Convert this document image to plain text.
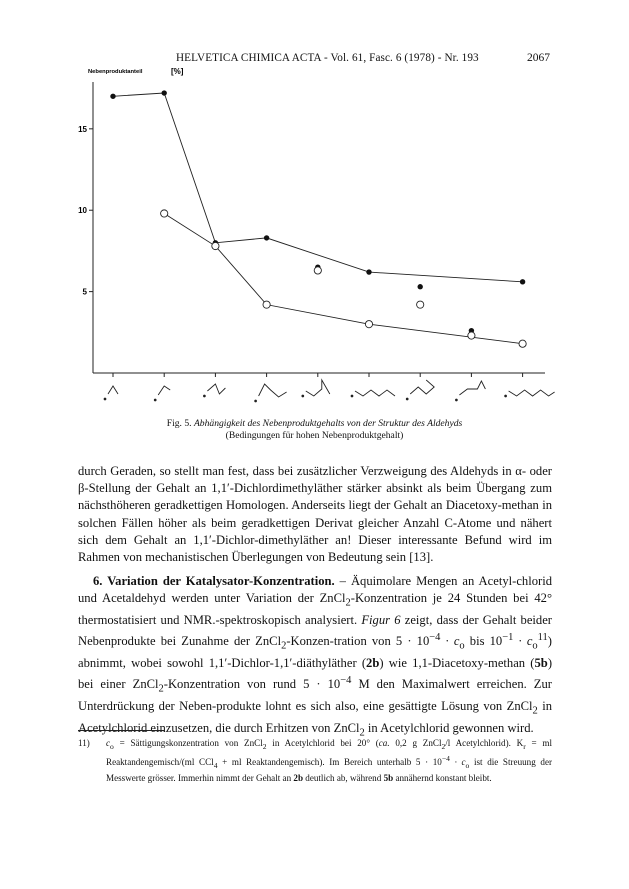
HELVETICA CHIMICA ACTA - Vol. 61, Fasc. 6 (1978) - Nr. 193	2067
Nebenproduktanteil	[%]
5
10
15
Fig. 5. Abhängigkeit des Nebenproduktgehalts von der Struktur des Aldehyds
(Bedingungen für hohen Nebenproduktgehalt)

durch Geraden, so stellt man fest, dass bei zusätzlicher Verzweigung des Aldehyds in α- oder β-Stellung der Gehalt an 1,1′-Dichlordimethyläther stärker absinkt als beim Übergang zum nächsthöheren geradkettigen Homologen. Anderseits liegt der Gehalt an Diacetoxy-methan in solchen Fällen höher als beim geradkettigen Derivat gleicher Anzahl C-Atome und nähert sich dem Gehalt an 1,1′-Dichlor-dimethyläther an! Dieser interessante Befund wird im Rahmen von mechanistischen Überlegungen von Bedeutung sein [13].

6. Variation der Katalysator-Konzentration. – Äquimolare Mengen an Acetyl-chlorid und Acetaldehyd werden unter Variation der ZnCl$_2$-Konzentration je 24 Stunden bei 42° thermostatisiert und NMR.-spektroskopisch analysiert. Figur 6 zeigt, dass der Gehalt beider Nebenprodukte bei Zunahme der ZnCl$_2$-Konzen-tration von $5 \cdot 10^{-4} \cdot c_o$ bis $10^{-1} \cdot c_o^{11}$) abnimmt, wobei sowohl 1,1′-Dichlor-1,1′-diäthyläther (2b) wie 1,1-Diacetoxy-methan (5b) bei einer ZnCl$_2$-Konzentration von rund $5 \cdot 10^{-4}$ M den Maximalwert erreichen. Zur Unterdrückung der Neben-produkte lohnt es sich also, eine gesättigte Lösung von ZnCl$_2$ in Acetylchlorid einzusetzen, die durch Erhitzen von ZnCl$_2$ in Acetylchlorid gewonnen wird.

11) $c_o$ = Sättigungskonzentration von ZnCl$_2$ in Acetylchlorid bei 20° (ca. 0,2 g ZnCl$_2$/l Acetylchlorid). $K_r$ = ml Reaktandengemisch/(ml CCl$_4$ + ml Reaktandengemisch). Im Bereich unterhalb $5 \cdot 10^{-4} \cdot c_o$ ist die Streuung der Messwerte grösser. Immerhin nimmt der Gehalt an 2b deutlich ab, während 5b annähernd konstant bleibt.
